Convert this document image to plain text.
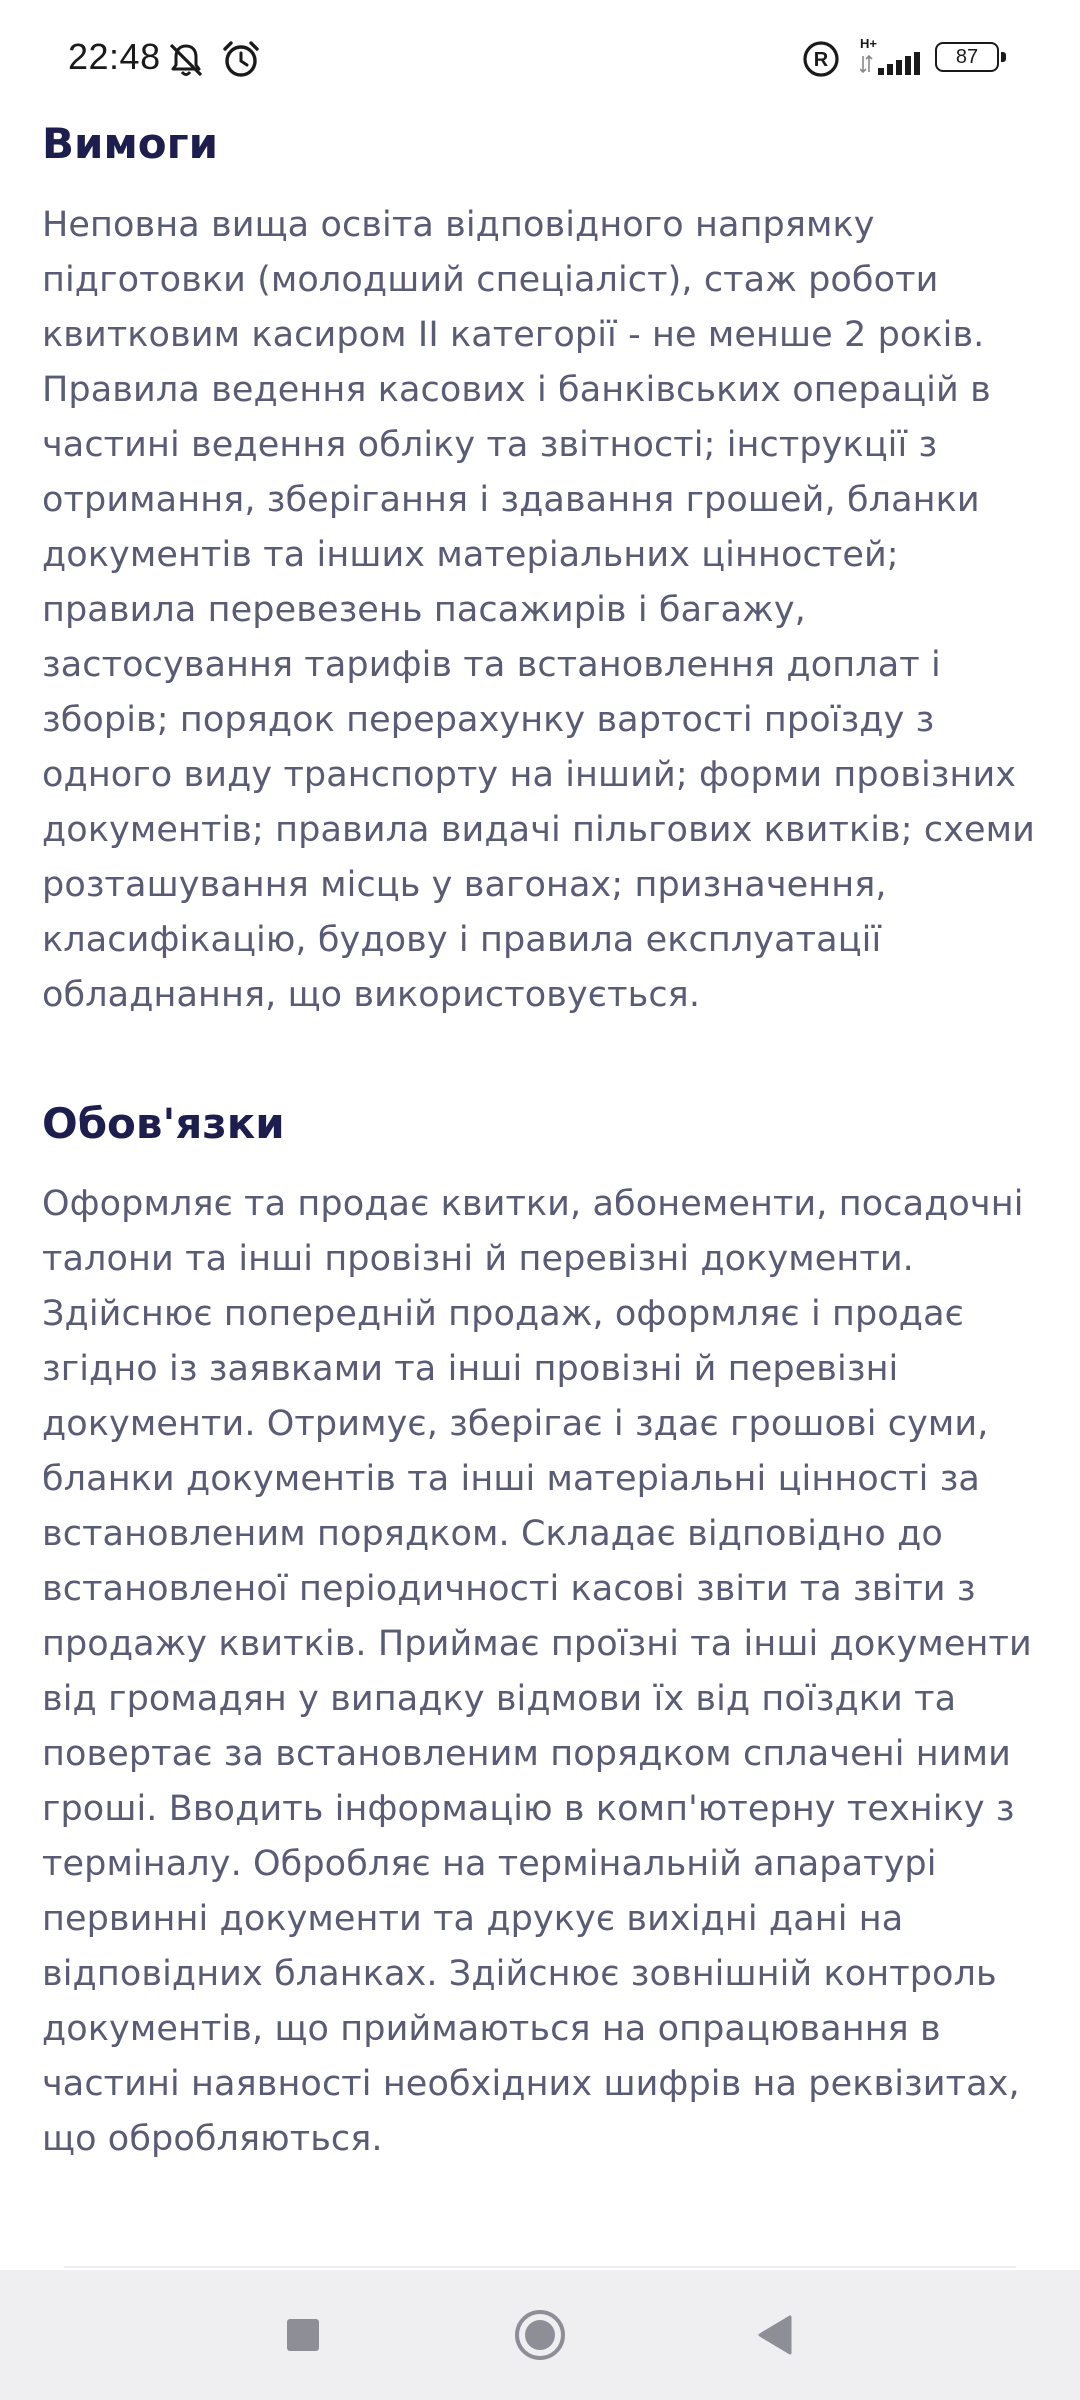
22:48	R
H+
87
Вимоги

Неповна вища освіта відповідного напрямку підготовки (молодший спеціаліст), стаж роботи квитковим касиром ІІ категорії - не менше 2 років. Правила ведення касових і банківських операцій в частині ведення обліку та звітності; інструкції з отримання, зберігання і здавання грошей, бланки документів та інших матеріальних цінностей; правила перевезень пасажирів і багажу, застосування тарифів та встановлення доплат і зборів; порядок перерахунку вартості проїзду з одного виду транспорту на інший; форми провізних документів; правила видачі пільгових квитків; схеми розташування місць у вагонах; призначення, класифікацію, будову і правила експлуатації обладнання, що використовується.

Обов'язки

Оформляє та продає квитки, абонементи, посадочні талони та інші провізні й перевізні документи. Здійснює попередній продаж, оформляє і продає згідно із заявками та інші провізні й перевізні документи. Отримує, зберігає і здає грошові суми, бланки документів та інші матеріальні цінності за встановленим порядком. Складає відповідно до встановленої періодичності касові звіти та звіти з продажу квитків. Приймає проїзні та інші документи від громадян у випадку відмови їх від поїздки та повертає за встановленим порядком сплачені ними гроші. Вводить інформацію в комп'ютерну техніку з терміналу. Обробляє на термінальній апаратурі первинні документи та друкує вихідні дані на відповідних бланках. Здійснює зовнішній контроль документів, що приймаються на опрацювання в частині наявності необхідних шифрів на реквізитах, що обробляються.
